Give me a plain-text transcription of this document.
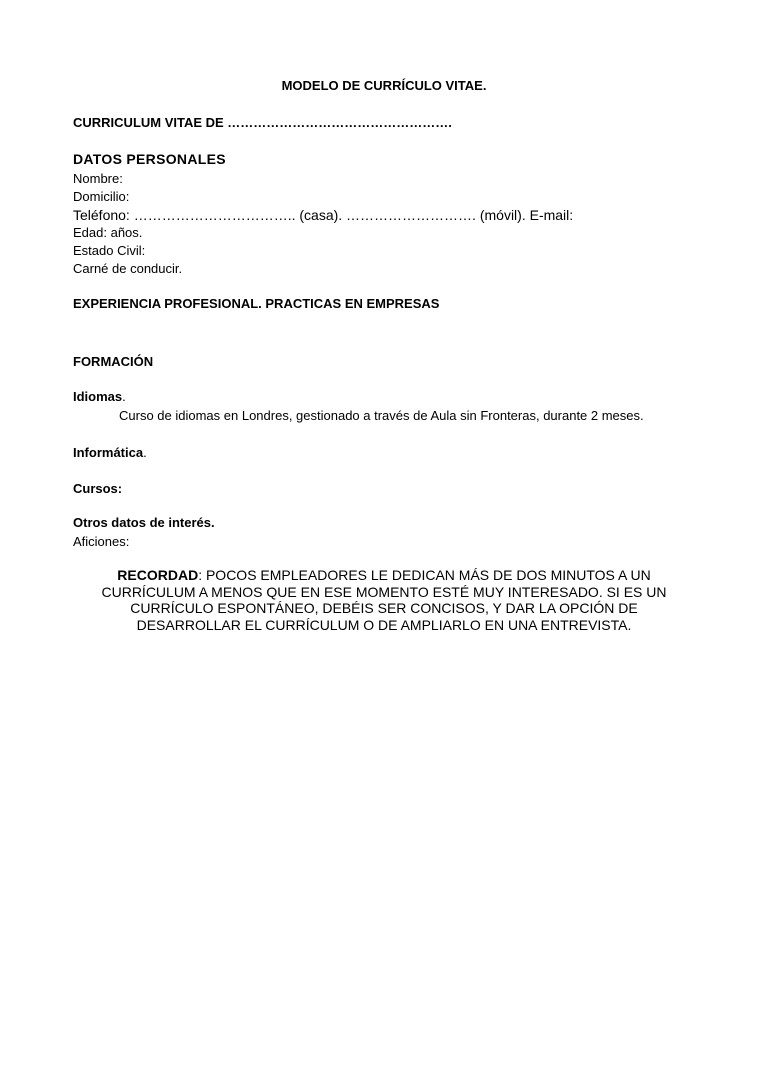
MODELO DE CURRÍCULO VITAE.
CURRICULUM VITAE DE …………………………………………….
DATOS PERSONALES
Nombre:
Domicilio:
Teléfono: …………………………….. (casa). ………………………. (móvil). E-mail:
Edad: años.
Estado Civil:
Carné de conducir.
EXPERIENCIA PROFESIONAL. PRACTICAS EN EMPRESAS
FORMACIÓN
Idiomas.
Curso de idiomas en Londres, gestionado a través de Aula sin Fronteras, durante 2 meses.
Informática.
Cursos:
Otros datos de interés.
Aficiones:
RECORDAD: POCOS EMPLEADORES LE DEDICAN MÁS DE DOS MINUTOS A UN
CURRÍCULUM A MENOS QUE EN ESE MOMENTO ESTÉ MUY INTERESADO. SI ES UN
CURRÍCULO ESPONTÁNEO, DEBÉIS SER CONCISOS, Y DAR LA OPCIÓN DE
DESARROLLAR EL CURRÍCULUM O DE AMPLIARLO EN UNA ENTREVISTA.
